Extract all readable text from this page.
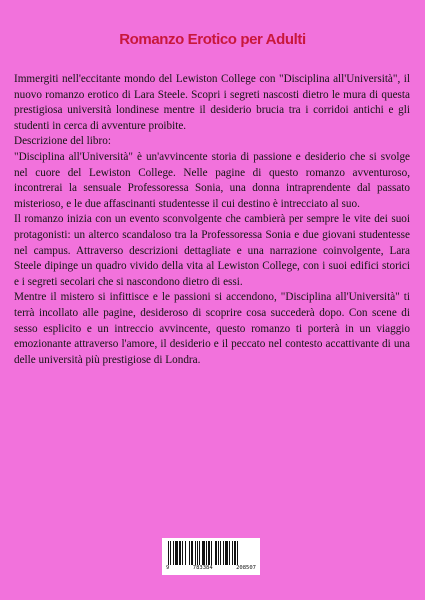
Romanzo Erotico per Adulti

Immergiti nell'eccitante mondo del Lewiston College con "Disciplina all'Università", il nuovo romanzo erotico di Lara Steele. Scopri i segreti nascosti dietro le mura di questa prestigiosa università londinese mentre il desiderio brucia tra i corridoi antichi e gli studenti in cerca di avventure proibite.

Descrizione del libro:

"Disciplina all'Università" è un'avvincente storia di passione e desiderio che si svolge nel cuore del Lewiston College. Nelle pagine di questo romanzo avventuroso, incontrerai la sensuale Professoressa Sonia, una donna intraprendente dal passato misterioso, e le due affascinanti studentesse il cui destino è intrecciato al suo.

Il romanzo inizia con un evento sconvolgente che cambierà per sempre le vite dei suoi protagonisti: un alterco scandaloso tra la Professoressa Sonia e due giovani studentesse nel campus. Attraverso descrizioni dettagliate e una narrazione coinvolgente, Lara Steele dipinge un quadro vivido della vita al Lewiston College, con i suoi edifici storici e i segreti secolari che si nascondono dietro di essi.

Mentre il mistero si infittisce e le passioni si accendono, "Disciplina all'Università" ti terrà incollato alle pagine, desideroso di scoprire cosa succederà dopo. Con scene di sesso esplicito e un intreccio avvincente, questo romanzo ti porterà in un viaggio emozionante attraverso l'amore, il desiderio e il peccato nel contesto accattivante di una delle università più prestigiose di Londra.

9	783384	208507
